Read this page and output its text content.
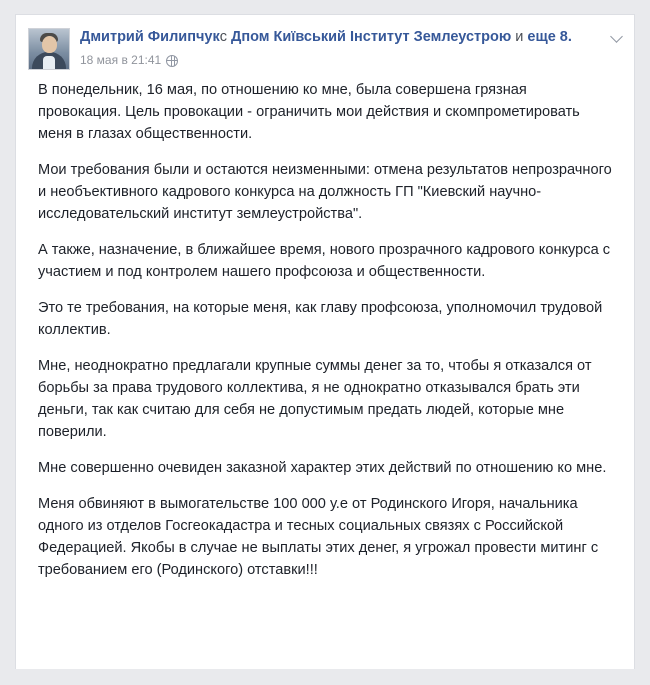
Дмитрий Филипчукс Дпом Київський Інститут Землеустрою и еще 8.
18 мая в 21:41

В понедельник, 16 мая, по отношению ко мне, была совершена грязная провокация. Цель провокации - ограничить мои действия и скомпрометировать меня в глазах общественности.

Мои требования были и остаются неизменными: отмена результатов непрозрачного и необъективного кадрового конкурса на должность ГП "Киевский научно-исследовательский институт землеустройства".

А также, назначение, в ближайшее время, нового прозрачного кадрового конкурса с участием и под контролем нашего профсоюза и общественности.

Это те требования, на которые меня, как главу профсоюза, уполномочил трудовой коллектив.

Мне, неоднократно предлагали крупные суммы денег за то, чтобы я отказался от борьбы за права трудового коллектива, я не однократно отказывался брать эти деньги, так как считаю для себя не допустимым предать людей, которые мне поверили.

Мне совершенно очевиден заказной характер этих действий по отношению ко мне.

Меня обвиняют в вымогательстве 100 000 у.е от Родинского Игоря, начальника одного из отделов Госгеокадастра и тесных социальных связях с Российской Федерацией. Якобы в случае не выплаты этих денег, я угрожал провести митинг с требованием его (Родинского) отставки!!!
